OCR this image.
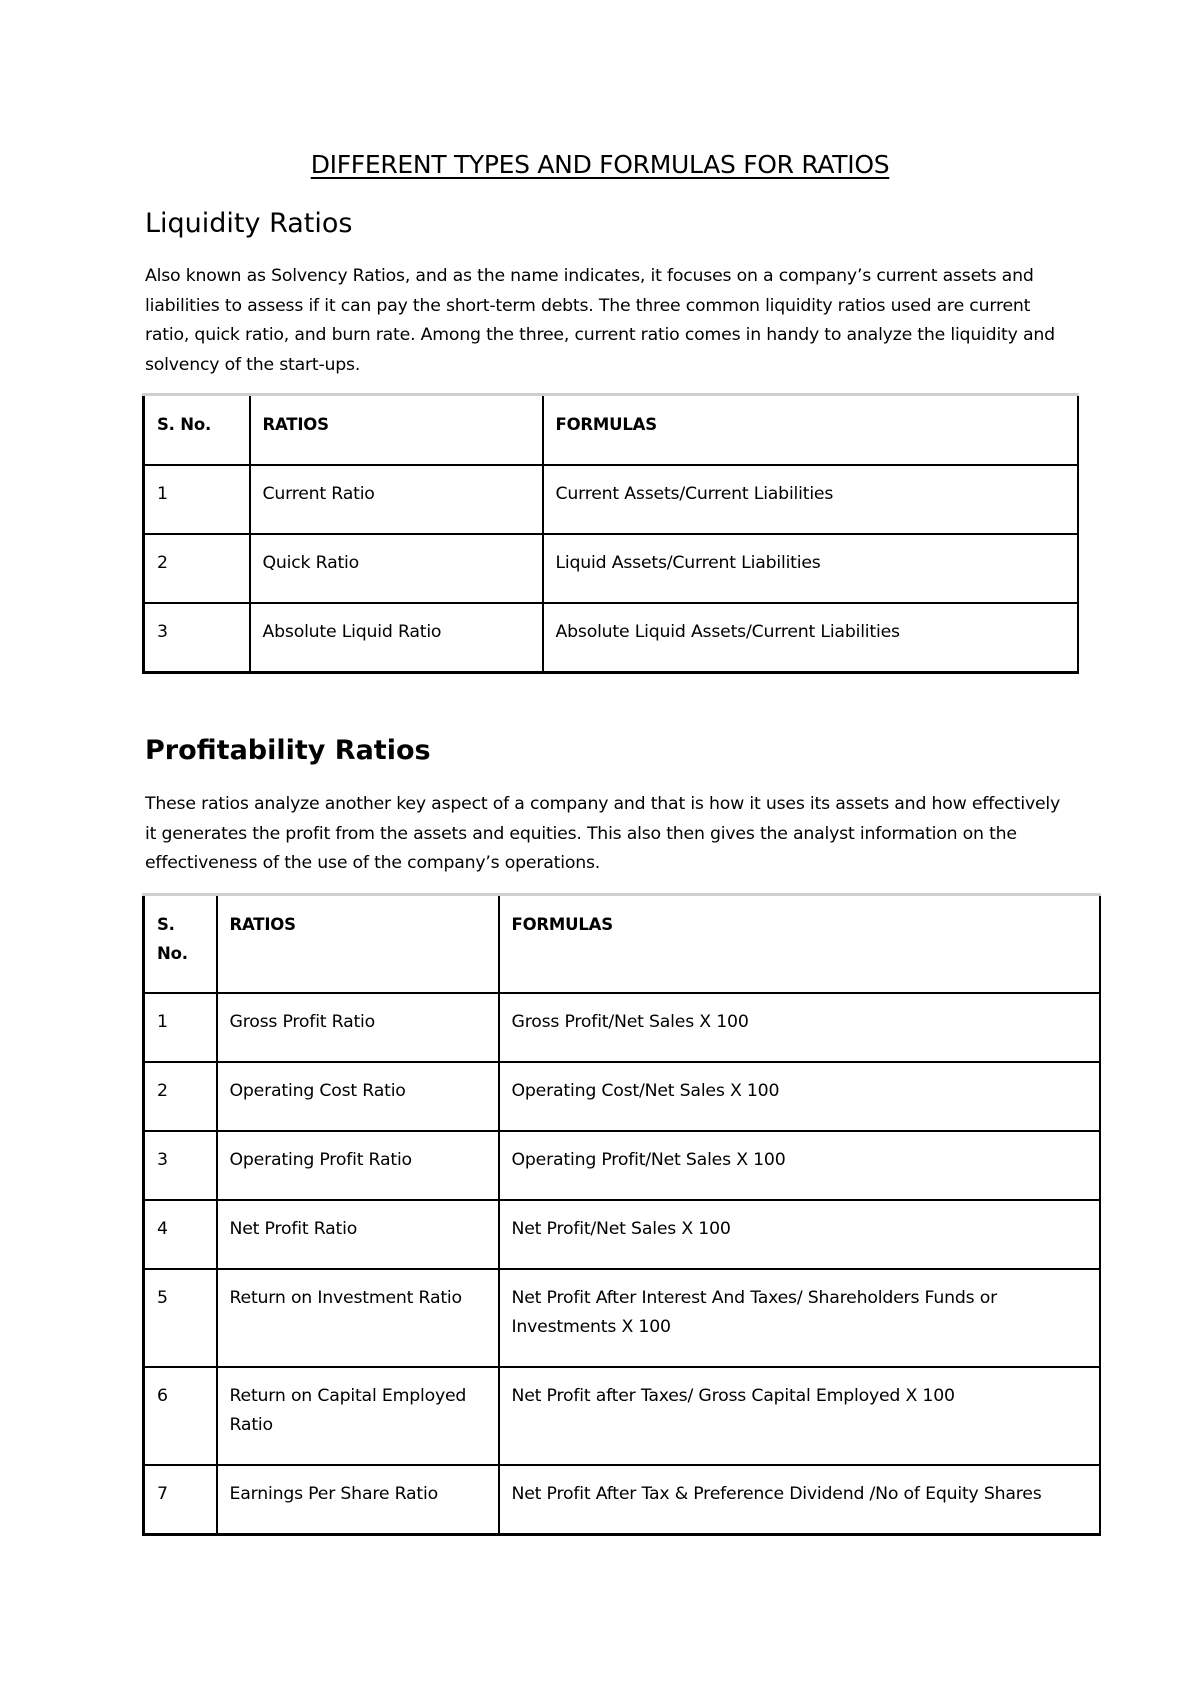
DIFFERENT TYPES AND FORMULAS FOR RATIOS
Liquidity Ratios

Also known as Solvency Ratios, and as the name indicates, it focuses on a company’s current assets and liabilities to assess if it can pay the short-term debts. The three common liquidity ratios used are current ratio, quick ratio, and burn rate. Among the three, current ratio comes in handy to analyze the liquidity and solvency of the start-ups.

S. No.	RATIOS	FORMULAS
1	Current Ratio	Current Assets/Current Liabilities
2	Quick Ratio	Liquid Assets/Current Liabilities
3	Absolute Liquid Ratio	Absolute Liquid Assets/Current Liabilities
Profitability Ratios

These ratios analyze another key aspect of a company and that is how it uses its assets and how effectively it generates the profit from the assets and equities. This also then gives the analyst information on the effectiveness of the use of the company’s operations.

S. No.	RATIOS	FORMULAS
1	Gross Profit Ratio	Gross Profit/Net Sales X 100
2	Operating Cost Ratio	Operating Cost/Net Sales X 100
3	Operating Profit Ratio	Operating Profit/Net Sales X 100
4	Net Profit Ratio	Net Profit/Net Sales X 100
5	Return on Investment Ratio	Net Profit After Interest And Taxes/ Shareholders Funds or Investments X 100
6	Return on Capital Employed Ratio	Net Profit after Taxes/ Gross Capital Employed X 100
7	Earnings Per Share Ratio	Net Profit After Tax & Preference Dividend /No of Equity Shares
